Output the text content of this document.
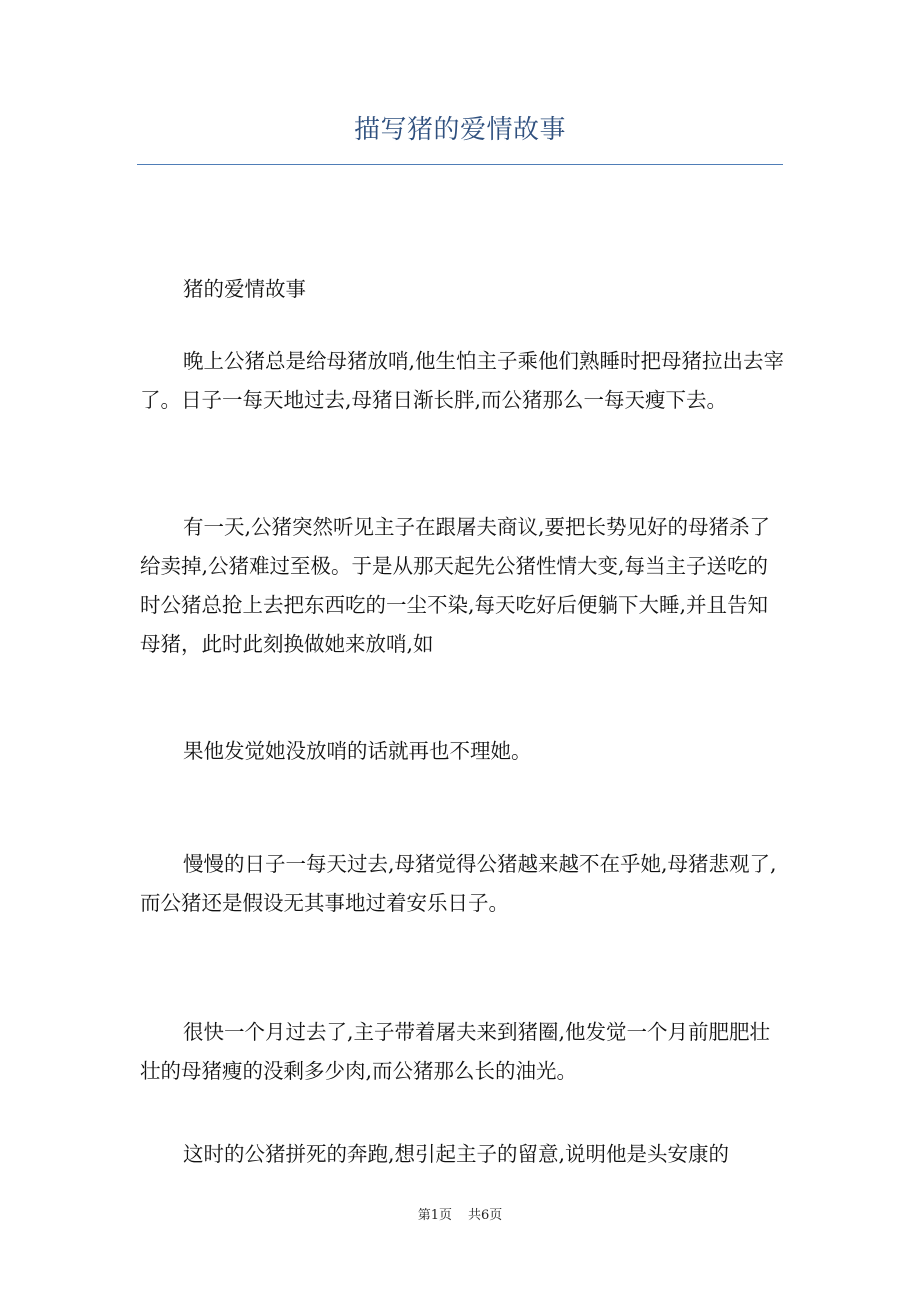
描写猪的爱情故事

猪的爱情故事

晚上公猪总是给母猪放哨,他生怕主子乘他们熟睡时把母猪拉出去宰了。日子一每天地过去,母猪日渐长胖,而公猪那么一每天瘦下去。

有一天,公猪突然听见主子在跟屠夫商议,要把长势见好的母猪杀了给卖掉,公猪难过至极。于是从那天起先公猪性情大变,每当主子送吃的时公猪总抢上去把东西吃的一尘不染,每天吃好后便躺下大睡,并且告知母猪，此时此刻换做她来放哨,如

果他发觉她没放哨的话就再也不理她。

慢慢的日子一每天过去,母猪觉得公猪越来越不在乎她,母猪悲观了,而公猪还是假设无其事地过着安乐日子。

很快一个月过去了,主子带着屠夫来到猪圈,他发觉一个月前肥肥壮壮的母猪瘦的没剩多少肉,而公猪那么长的油光。

这时的公猪拼死的奔跑,想引起主子的留意,说明他是头安康的

第1页 共6页
